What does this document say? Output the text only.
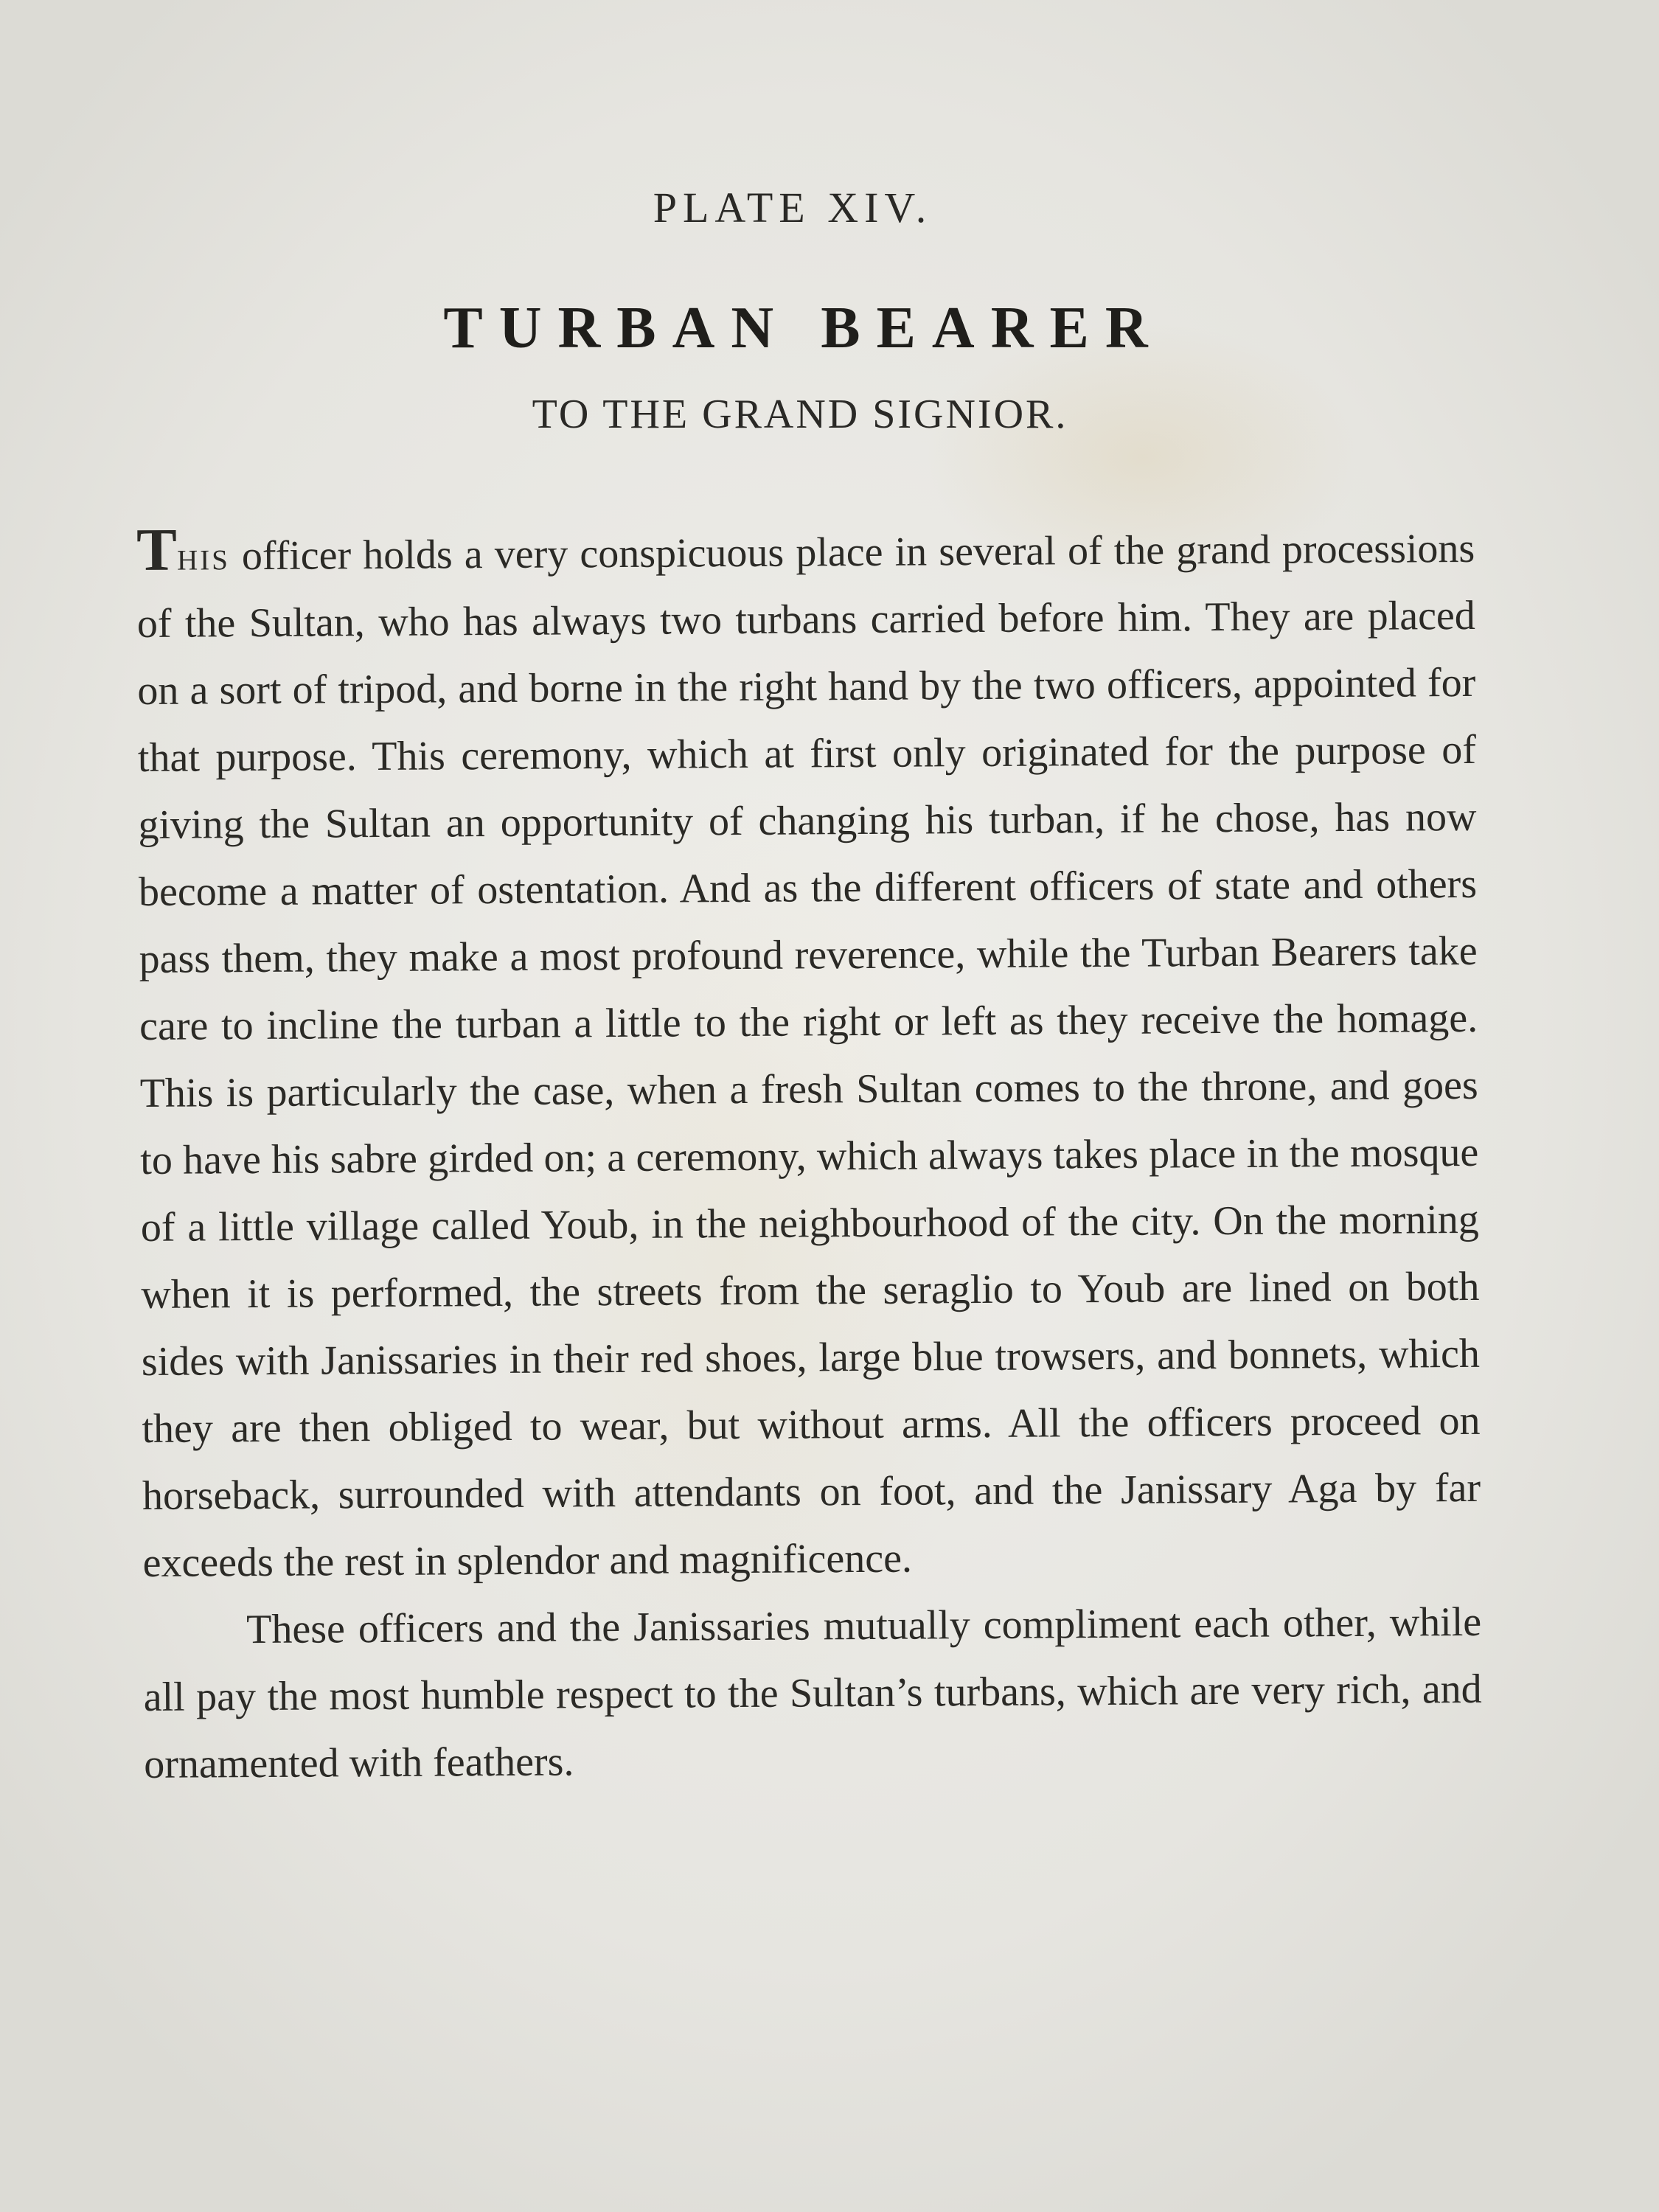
PLATE XIV.
TURBAN BEARER
TO THE GRAND SIGNIOR.

This officer holds a very conspicuous place in several of the grand processions of the Sultan, who has always two turbans carried before him. They are placed on a sort of tripod, and borne in the right hand by the two officers, appointed for that purpose. This ceremony, which at first only originated for the purpose of giving the Sultan an opportunity of changing his turban, if he chose, has now become a matter of ostentation. And as the different officers of state and others pass them, they make a most profound reverence, while the Turban Bearers take care to incline the turban a little to the right or left as they receive the homage. This is particularly the case, when a fresh Sultan comes to the throne, and goes to have his sabre girded on; a ceremony, which always takes place in the mosque of a little village called Youb, in the neighbourhood of the city. On the morning when it is performed, the streets from the seraglio to Youb are lined on both sides with Janissaries in their red shoes, large blue trowsers, and bonnets, which they are then obliged to wear, but without arms. All the officers proceed on horseback, surrounded with attendants on foot, and the Janissary Aga by far exceeds the rest in splendor and magnificence.

These officers and the Janissaries mutually compliment each other, while all pay the most humble respect to the Sultan’s turbans, which are very rich, and ornamented with feathers.
